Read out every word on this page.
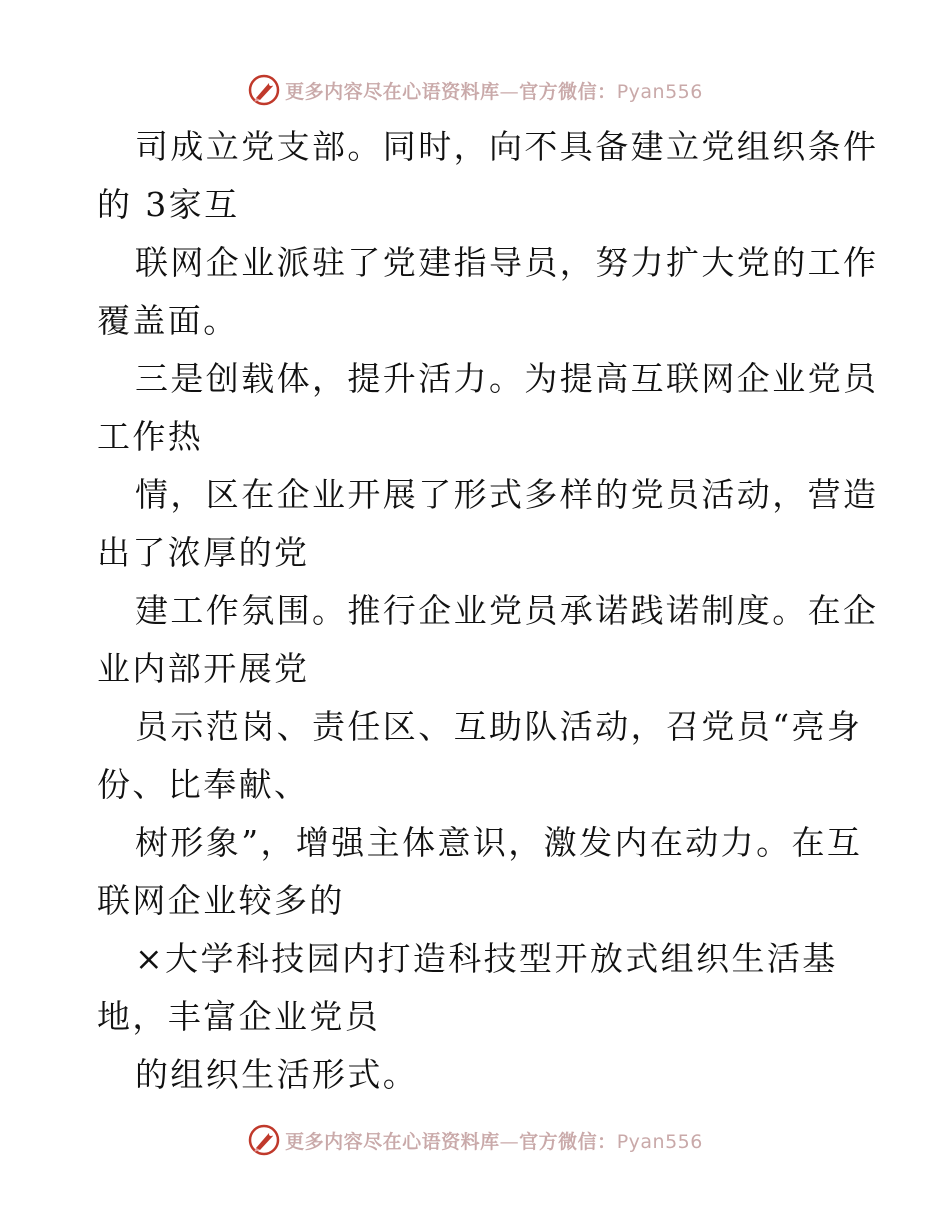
更多内容尽在心语资料库—官方微信：Pyan556
司成立党支部。同时，向不具备建立党组织条件
的 3家互
联网企业派驻了党建指导员，努力扩大党的工作
覆盖面。
三是创载体，提升活力。为提高互联网企业党员
工作热
情，区在企业开展了形式多样的党员活动，营造
出了浓厚的党
建工作氛围。推行企业党员承诺践诺制度。在企
业内部开展党
员示范岗、责任区、互助队活动，召党员“亮身
份、比奉献、
树形象”，增强主体意识，激发内在动力。在互
联网企业较多的
×大学科技园内打造科技型开放式组织生活基
地，丰富企业党员
的组织生活形式。
更多内容尽在心语资料库—官方微信：Pyan556
